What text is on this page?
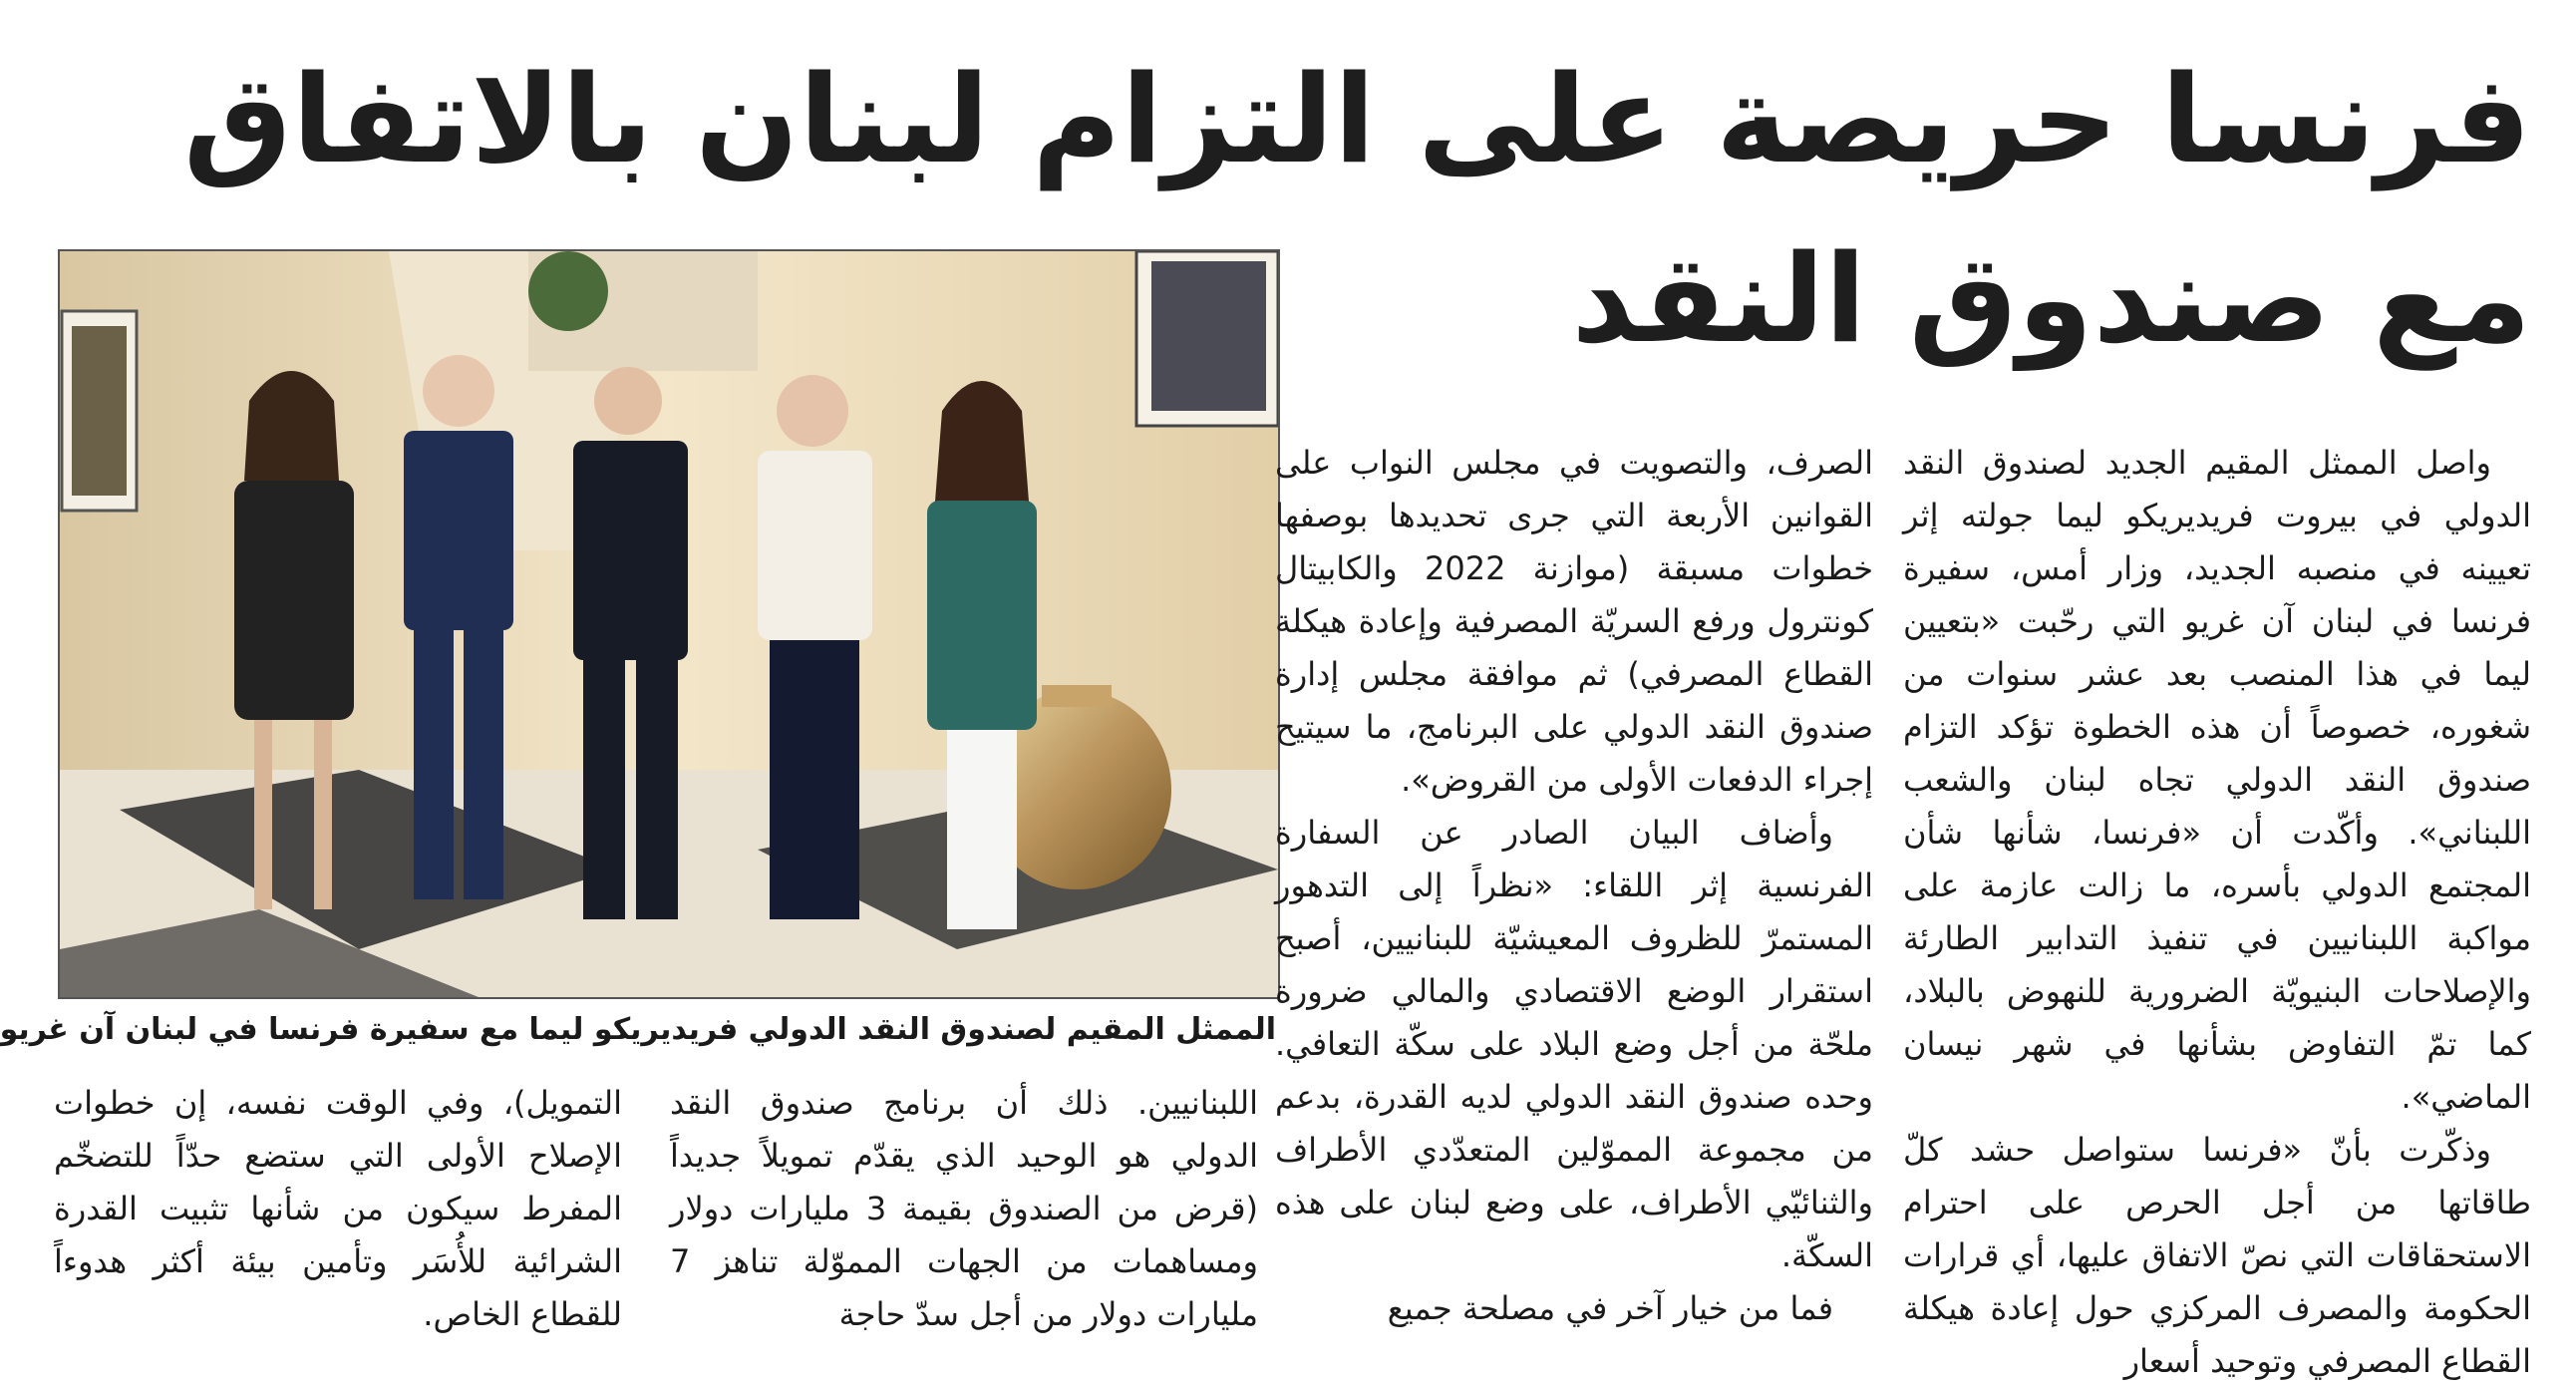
فرنسا حريصة على التزام لبنان بالاتفاق
مع صندوق النقد
الممثل المقيم لصندوق النقد الدولي فريديريكو ليما مع سفيرة فرنسا في لبنان آن غريو

واصل الممثل المقيم الجديد لصندوق النقد الدولي في بيروت فريديريكو ليما جولته إثر تعيينه في منصبه الجديد، وزار أمس، سفيرة فرنسا في لبنان آن غريو التي رحّبت «بتعيين ليما في هذا المنصب بعد عشر سنوات من شغوره، خصوصاً أن هذه الخطوة تؤكد التزام صندوق النقد الدولي تجاه لبنان والشعب اللبناني». وأكّدت أن «فرنسا، شأنها شأن المجتمع الدولي بأسره، ما زالت عازمة على مواكبة اللبنانيين في تنفيذ التدابير الطارئة والإصلاحات البنيويّة الضرورية للنهوض بالبلاد، كما تمّ التفاوض بشأنها في شهر نيسان الماضي».

وذكّرت بأنّ «فرنسا ستواصل حشد كلّ طاقاتها من أجل الحرص على احترام الاستحقاقات التي نصّ الاتفاق عليها، أي قرارات الحكومة والمصرف المركزي حول إعادة هيكلة القطاع المصرفي وتوحيد أسعار

الصرف، والتصويت في مجلس النواب على القوانين الأربعة التي جرى تحديدها بوصفها خطوات مسبقة (موازنة 2022 والكابيتال كونترول ورفع السريّة المصرفية وإعادة هيكلة القطاع المصرفي) ثم موافقة مجلس إدارة صندوق النقد الدولي على البرنامج، ما سيتيح إجراء الدفعات الأولى من القروض».

وأضاف البيان الصادر عن السفارة الفرنسية إثر اللقاء: «نظراً إلى التدهور المستمرّ للظروف المعيشيّة للبنانيين، أصبح استقرار الوضع الاقتصادي والمالي ضرورة ملحّة من أجل وضع البلاد على سكّة التعافي. وحده صندوق النقد الدولي لديه القدرة، بدعم من مجموعة المموّلين المتعدّدي الأطراف والثنائيّي الأطراف، على وضع لبنان على هذه السكّة.

فما من خيار آخر في مصلحة جميع

اللبنانيين. ذلك أن برنامج صندوق النقد الدولي هو الوحيد الذي يقدّم تمويلاً جديداً (قرض من الصندوق بقيمة 3 مليارات دولار ومساهمات من الجهات المموّلة تناهز 7 مليارات دولار من أجل سدّ حاجة

التمويل)، وفي الوقت نفسه، إن خطوات الإصلاح الأولى التي ستضع حدّاً للتضخّم المفرط سيكون من شأنها تثبيت القدرة الشرائية للأُسَر وتأمين بيئة أكثر هدوءاً للقطاع الخاص.
